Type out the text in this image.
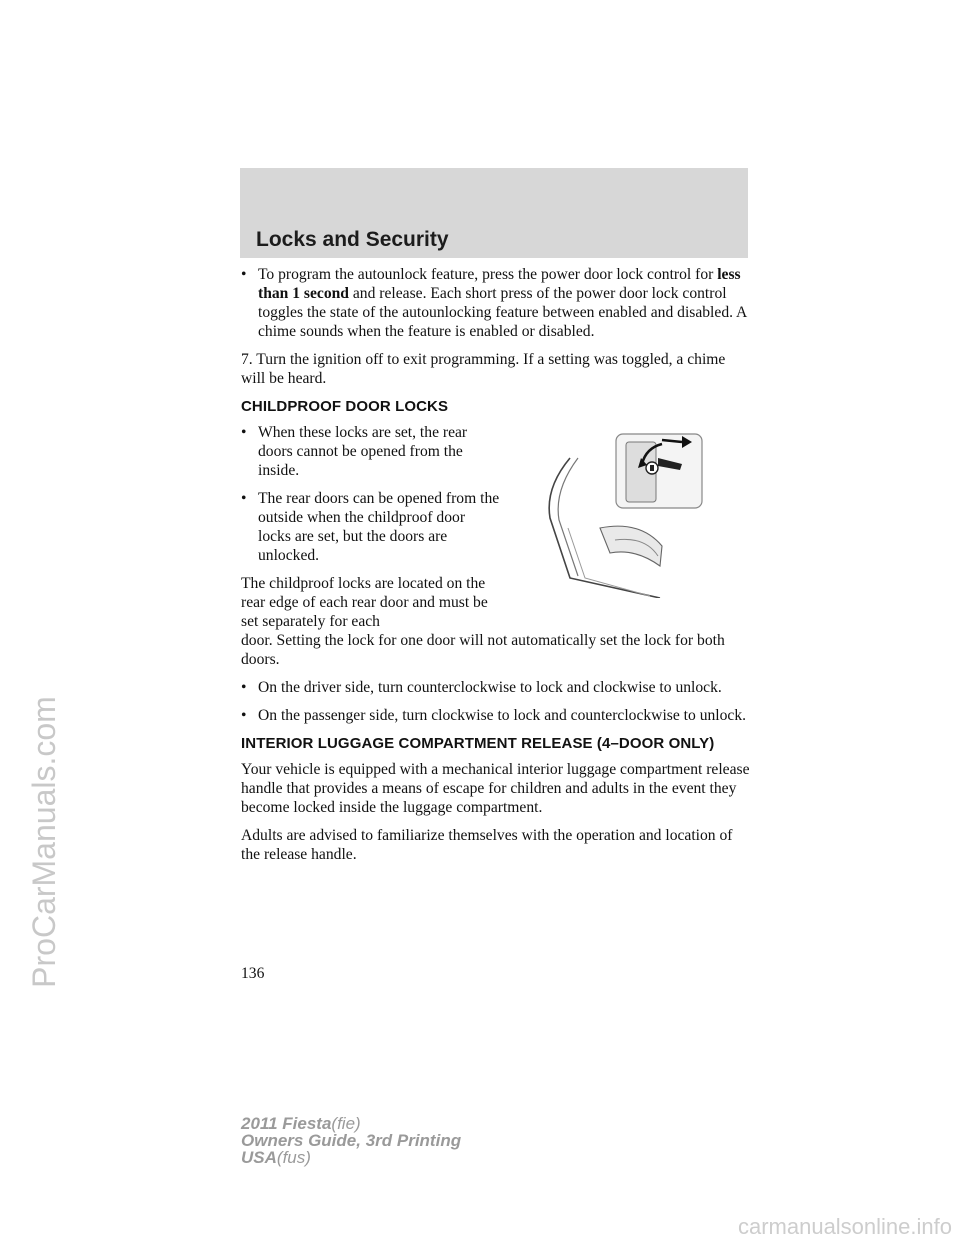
Locks and Security

• To program the autounlock feature, press the power door lock control for less than 1 second and release. Each short press of the power door lock control toggles the state of the autounlocking feature between enabled and disabled. A chime sounds when the feature is enabled or disabled.

7. Turn the ignition off to exit programming. If a setting was toggled, a chime will be heard.

CHILDPROOF DOOR LOCKS

• When these locks are set, the rear doors cannot be opened from the inside.

• The rear doors can be opened from the outside when the childproof door locks are set, but the doors are unlocked.

The childproof locks are located on the rear edge of each rear door and must be set separately for each

door. Setting the lock for one door will not automatically set the lock for both doors.

• On the driver side, turn counterclockwise to lock and clockwise to unlock.

• On the passenger side, turn clockwise to lock and counterclockwise to unlock.

INTERIOR LUGGAGE COMPARTMENT RELEASE (4–DOOR ONLY)

Your vehicle is equipped with a mechanical interior luggage compartment release handle that provides a means of escape for children and adults in the event they become locked inside the luggage compartment.

Adults are advised to familiarize themselves with the operation and location of the release handle.

136

2011 Fiesta(fie)
Owners Guide, 3rd Printing
USA(fus)
ProCarManuals.com
carmanualsonline.info
